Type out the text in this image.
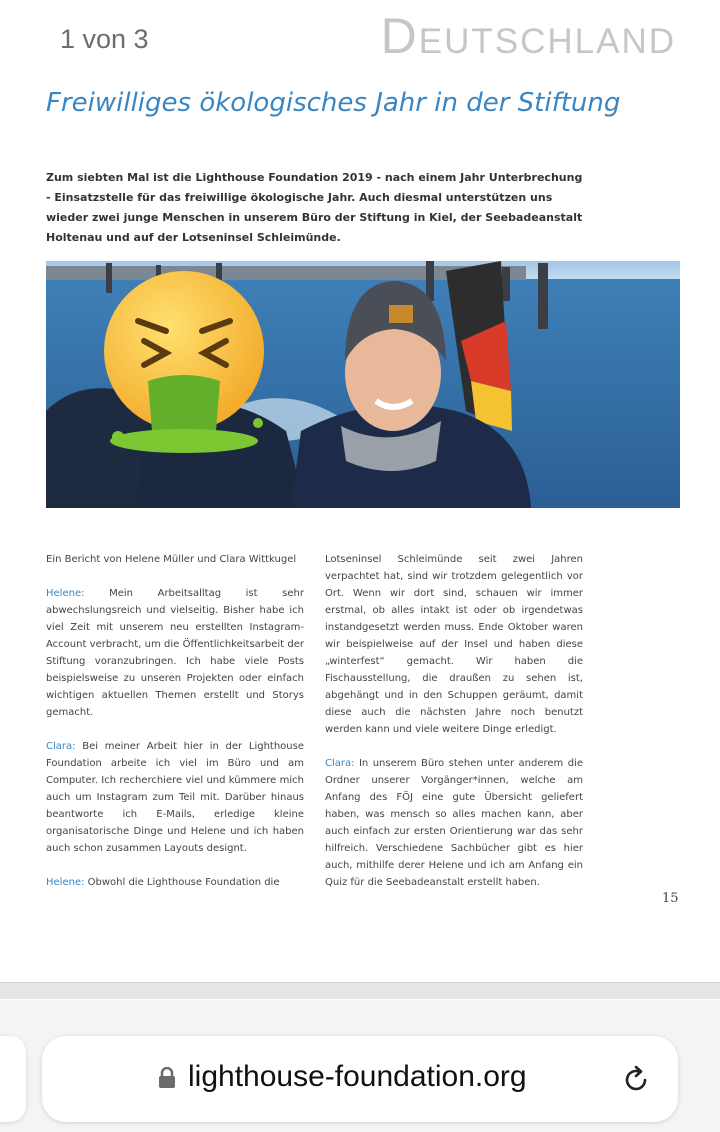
1 von 3	Deutschland
Freiwilliges ökologisches Jahr in der Stiftung

Zum siebten Mal ist die Lighthouse Foundation 2019 - nach einem Jahr Unterbrechung - Einsatzstelle für das freiwillige ökologische Jahr. Auch diesmal unterstützen uns wieder zwei junge Menschen in unserem Büro der Stiftung in Kiel, der Seebadeanstalt Holtenau und auf der Lotseninsel Schleimünde.

Ein Bericht von Helene Müller und Clara Wittkugel

Helene: Mein Arbeitsalltag ist sehr abwechslungsreich und vielseitig. Bisher habe ich viel Zeit mit unserem neu erstellten Instagram-Account verbracht, um die Öffentlichkeitsarbeit der Stiftung voranzubringen. Ich habe viele Posts beispielsweise zu unseren Projekten oder einfach wichtigen aktuellen Themen erstellt und Storys gemacht.

Clara: Bei meiner Arbeit hier in der Lighthouse Foundation arbeite ich viel im Büro und am Computer. Ich recherchiere viel und kümmere mich auch um Instagram zum Teil mit. Darüber hinaus beantworte ich E-Mails, erledige kleine organisatorische Dinge und Helene und ich haben auch schon zusammen Layouts designt.

Helene: Obwohl die Lighthouse Foundation die

Lotseninsel Schleimünde seit zwei Jahren verpachtet hat, sind wir trotzdem gelegentlich vor Ort. Wenn wir dort sind, schauen wir immer erstmal, ob alles intakt ist oder ob irgendetwas instandgesetzt werden muss. Ende Oktober waren wir beispielweise auf der Insel und haben diese „winterfest“ gemacht. Wir haben die Fischausstellung, die draußen zu sehen ist, abgehängt und in den Schuppen geräumt, damit diese auch die nächsten Jahre noch benutzt werden kann und viele weitere Dinge erledigt.

Clara: In unserem Büro stehen unter anderem die Ordner unserer Vorgänger*innen, welche am Anfang des FÖJ eine gute Übersicht geliefert haben, was mensch so alles machen kann, aber auch einfach zur ersten Orientierung war das sehr hilfreich. Verschiedene Sachbücher gibt es hier auch, mithilfe derer Helene und ich am Anfang ein Quiz für die Seebadeanstalt erstellt haben.

15
lighthouse-foundation.org
